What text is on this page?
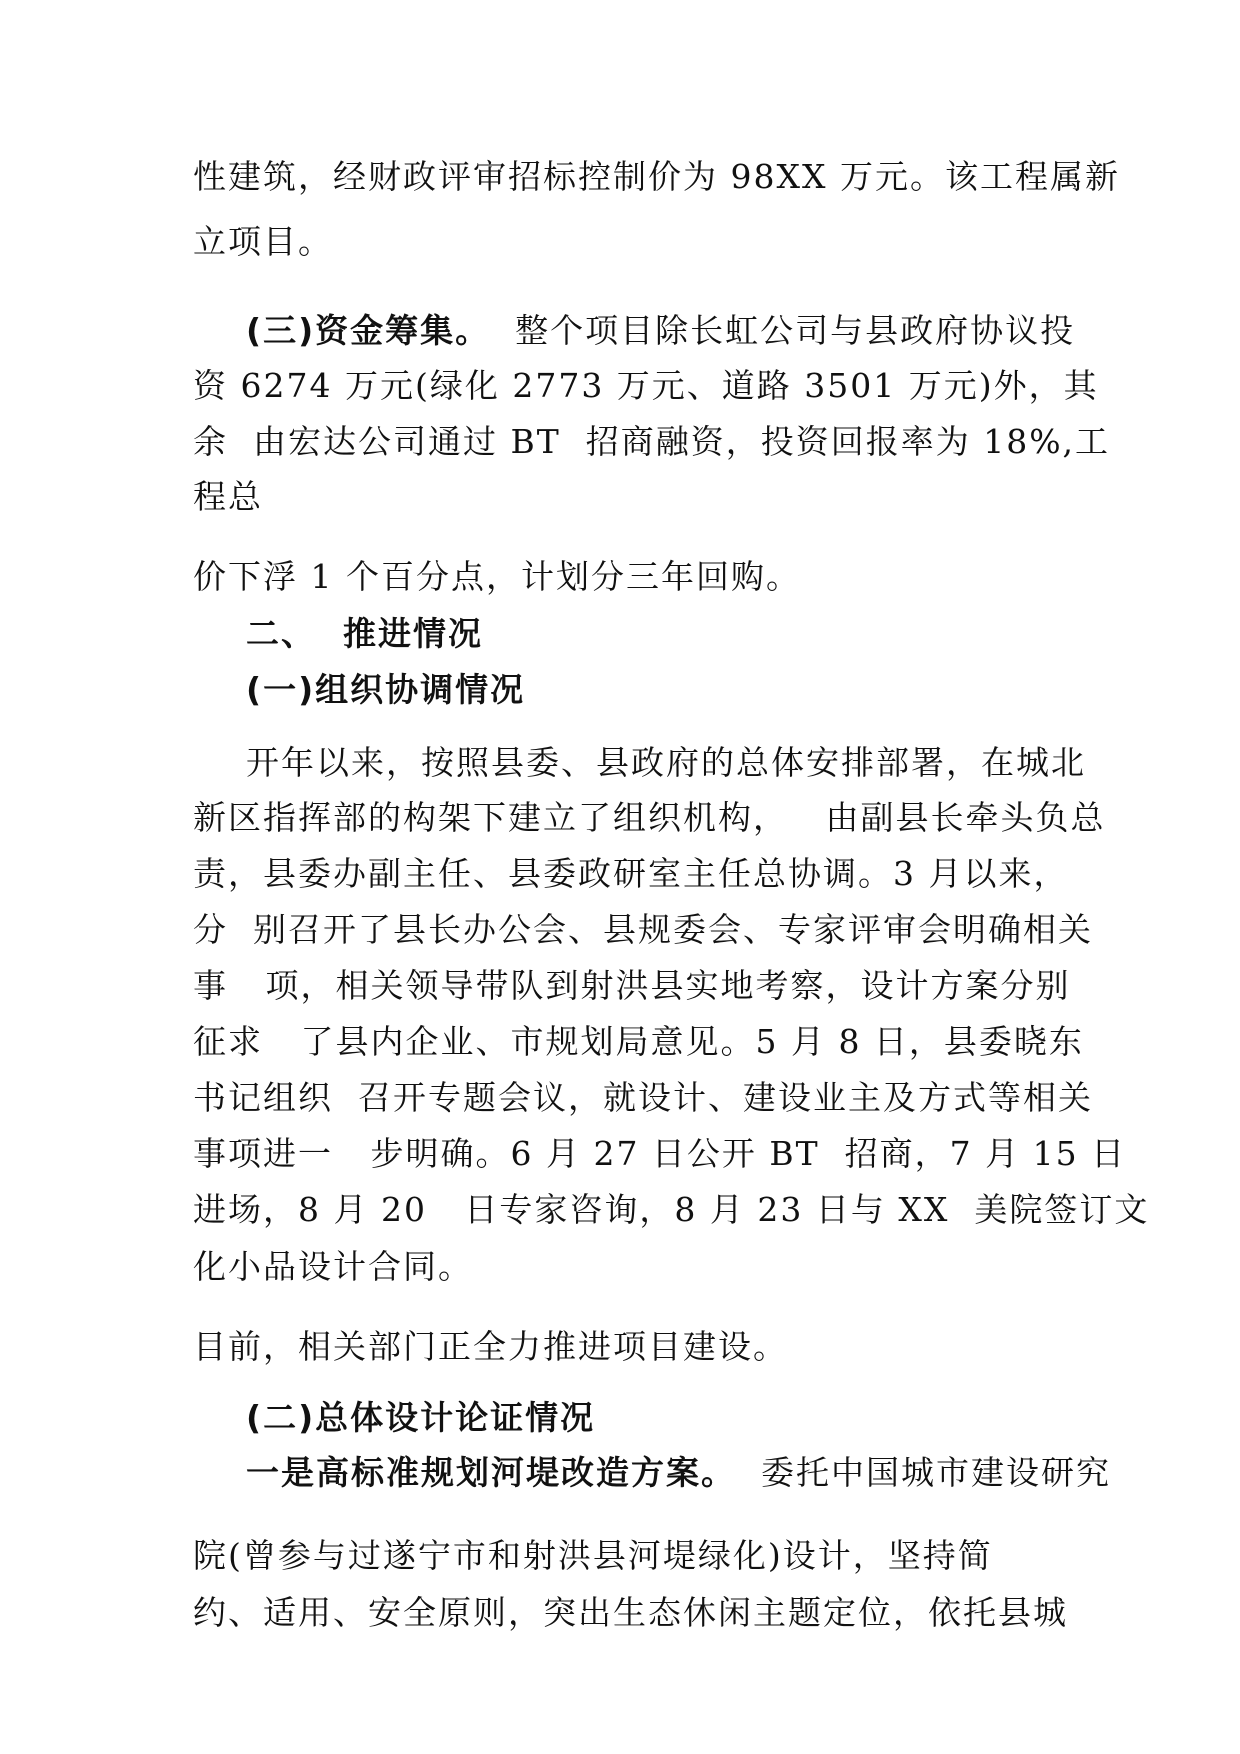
性建筑，经财政评审招标控制价为 98XX 万元。该工程属新
立项目。
(三)资金筹集。 整个项目除长虹公司与县政府协议投
资 6274 万元(绿化 2773 万元、道路 3501 万元)外，其
余  由宏达公司通过 BT  招商融资，投资回报率为 18%,工
程总
价下浮 1 个百分点，计划分三年回购。
二、  推进情况
(一)组织协调情况
开年以来，按照县委、县政府的总体安排部署，在城北
新区指挥部的构架下建立了组织机构，   由副县长牵头负总
责，县委办副主任、县委政研室主任总协调。3 月以来，
分  别召开了县长办公会、县规委会、专家评审会明确相关
事   项，相关领导带队到射洪县实地考察，设计方案分别
征求   了县内企业、市规划局意见。5 月 8 日，县委晓东
书记组织  召开专题会议，就设计、建设业主及方式等相关
事项进一   步明确。6 月 27 日公开 BT  招商，7 月 15 日
进场，8 月 20   日专家咨询，8 月 23 日与 XX  美院签订文
化小品设计合同。
目前，相关部门正全力推进项目建设。
(二)总体设计论证情况
一是高标准规划河堤改造方案。 委托中国城市建设研究
院(曾参与过遂宁市和射洪县河堤绿化)设计，坚持简
约、适用、安全原则，突出生态休闲主题定位，依托县城
